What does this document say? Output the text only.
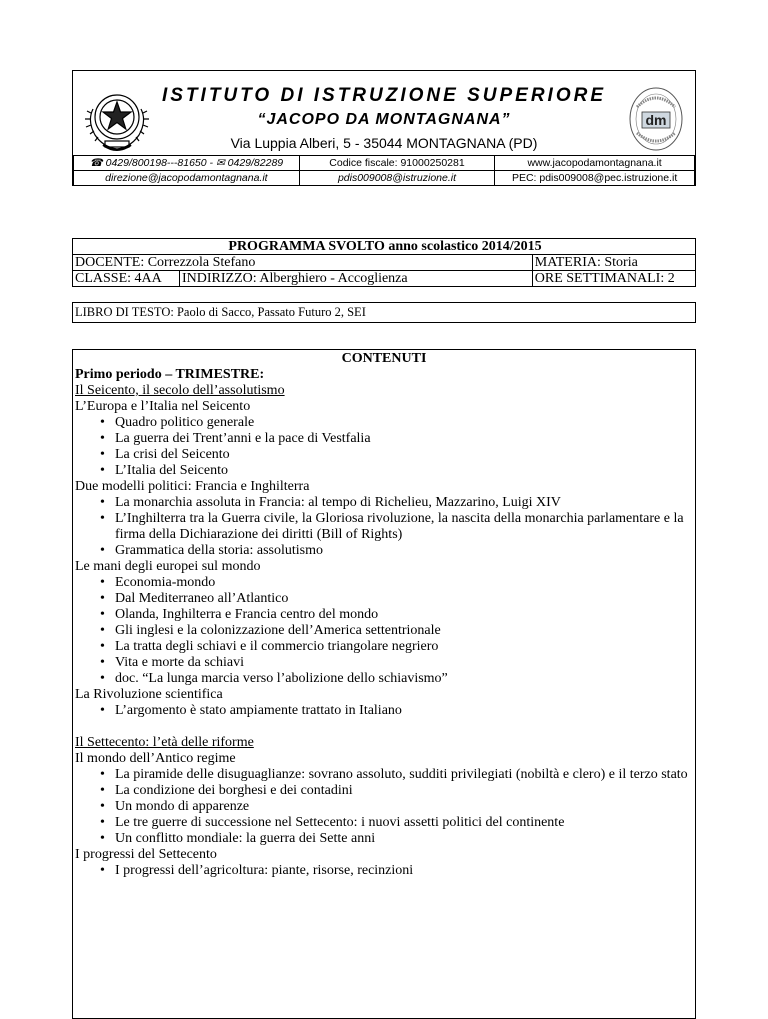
ISTITUTO DI ISTRUZIONE SUPERIORE
“JACOPO DA MONTAGNANA”
Via Luppia Alberi, 5 - 35044 MONTAGNANA (PD)
dm
☎ 0429/800198---81650 - ✉ 0429/82289	Codice fiscale: 91000250281	www.jacopodamontagnana.it
direzione@jacopodamontagnana.it	pdis009008@istruzione.it	PEC: pdis009008@pec.istruzione.it
PROGRAMMA SVOLTO anno scolastico 2014/2015		
DOCENTE: Correzzola Stefano		MATERIA: Storia
CLASSE: 4AA	INDIRIZZO: Alberghiero - Accoglienza	ORE SETTIMANALI: 2
LIBRO DI TESTO: Paolo di Sacco, Passato Futuro 2, SEI
CONTENUTI
Primo periodo – TRIMESTRE:
Il Seicento, il secolo dell’assolutismo
L’Europa e l’Italia nel Seicento
• Quadro politico generale
• La guerra dei Trent’anni e la pace di Vestfalia
• La crisi del Seicento
• L’Italia del Seicento
Due modelli politici: Francia e Inghilterra
• La monarchia assoluta in Francia: al tempo di Richelieu, Mazzarino, Luigi XIV
• L’Inghilterra tra la Guerra civile, la Gloriosa rivoluzione, la nascita della monarchia parlamentare e la firma della Dichiarazione dei diritti (Bill of Rights)
• Grammatica della storia: assolutismo
Le mani degli europei sul mondo
• Economia-mondo
• Dal Mediterraneo all’Atlantico
• Olanda, Inghilterra e Francia centro del mondo
• Gli inglesi e la colonizzazione dell’America settentrionale
• La tratta degli schiavi e il commercio triangolare negriero
• Vita e morte da schiavi
• doc. “La lunga marcia verso l’abolizione dello schiavismo”
La Rivoluzione scientifica
• L’argomento è stato ampiamente trattato in Italiano
Il Settecento: l’età delle riforme
Il mondo dell’Antico regime
• La piramide delle disuguaglianze: sovrano assoluto, sudditi privilegiati (nobiltà e clero) e il terzo stato
• La condizione dei borghesi e dei contadini
• Un mondo di apparenze
• Le tre guerre di successione nel Settecento: i nuovi assetti politici del continente
• Un conflitto mondiale: la guerra dei Sette anni
I progressi del Settecento
• I progressi dell’agricoltura: piante, risorse, recinzioni
